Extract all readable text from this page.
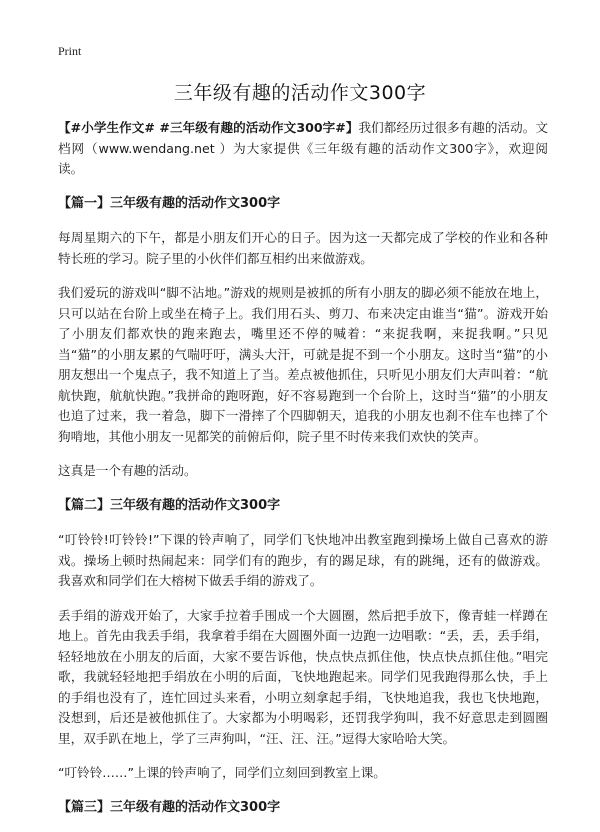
Print
三年级有趣的活动作文300字

【#小学生作文# #三年级有趣的活动作文300字#】我们都经历过很多有趣的活动。文档网（www.wendang.net ）为大家提供《三年级有趣的活动作文300字》，欢迎阅读。

【篇一】三年级有趣的活动作文300字

每周星期六的下午，都是小朋友们开心的日子。因为这一天都完成了学校的作业和各种特长班的学习。院子里的小伙伴们都互相约出来做游戏。

我们爱玩的游戏叫“脚不沾地。”游戏的规则是被抓的所有小朋友的脚必须不能放在地上，只可以站在台阶上或坐在椅子上。我们用石头、剪刀、布来决定由谁当“猫”。游戏开始了小朋友们都欢快的跑来跑去，嘴里还不停的喊着：“来捉我啊，来捉我啊。”只见当“猫”的小朋友累的气喘吁吁，满头大汗，可就是捉不到一个小朋友。这时当“猫”的小朋友想出一个鬼点子，我不知道上了当。差点被他抓住，只听见小朋友们大声叫着：“航航快跑，航航快跑。”我拼命的跑呀跑，好不容易跑到一个台阶上，这时当“猫”的小朋友也追了过来，我一着急，脚下一滑摔了个四脚朝天，追我的小朋友也刹不住车也摔了个狗啃地，其他小朋友一见都笑的前俯后仰，院子里不时传来我们欢快的笑声。

这真是一个有趣的活动。

【篇二】三年级有趣的活动作文300字

“叮铃铃!叮铃铃!”下课的铃声响了，同学们飞快地冲出教室跑到操场上做自己喜欢的游戏。操场上顿时热闹起来：同学们有的跑步，有的踢足球，有的跳绳，还有的做游戏。我喜欢和同学们在大榕树下做丢手绢的游戏了。

丢手绢的游戏开始了，大家手拉着手围成一个大圆圈，然后把手放下，像青蛙一样蹲在地上。首先由我丢手绢，我拿着手绢在大圆圈外面一边跑一边唱歌：“丢，丢，丢手绢，轻轻地放在小朋友的后面，大家不要告诉他，快点快点抓住他，快点快点抓住他。”唱完歌，我就轻轻地把手绢放在小明的后面，飞快地跑起来。同学们见我跑得那么快，手上的手绢也没有了，连忙回过头来看，小明立刻拿起手绢，飞快地追我，我也飞快地跑，没想到，后还是被他抓住了。大家都为小明喝彩，还罚我学狗叫，我不好意思走到圆圈里，双手趴在地上，学了三声狗叫，“汪、汪、汪。”逗得大家哈哈大笑。

“叮铃铃……”上课的铃声响了，同学们立刻回到教室上课。

【篇三】三年级有趣的活动作文300字
